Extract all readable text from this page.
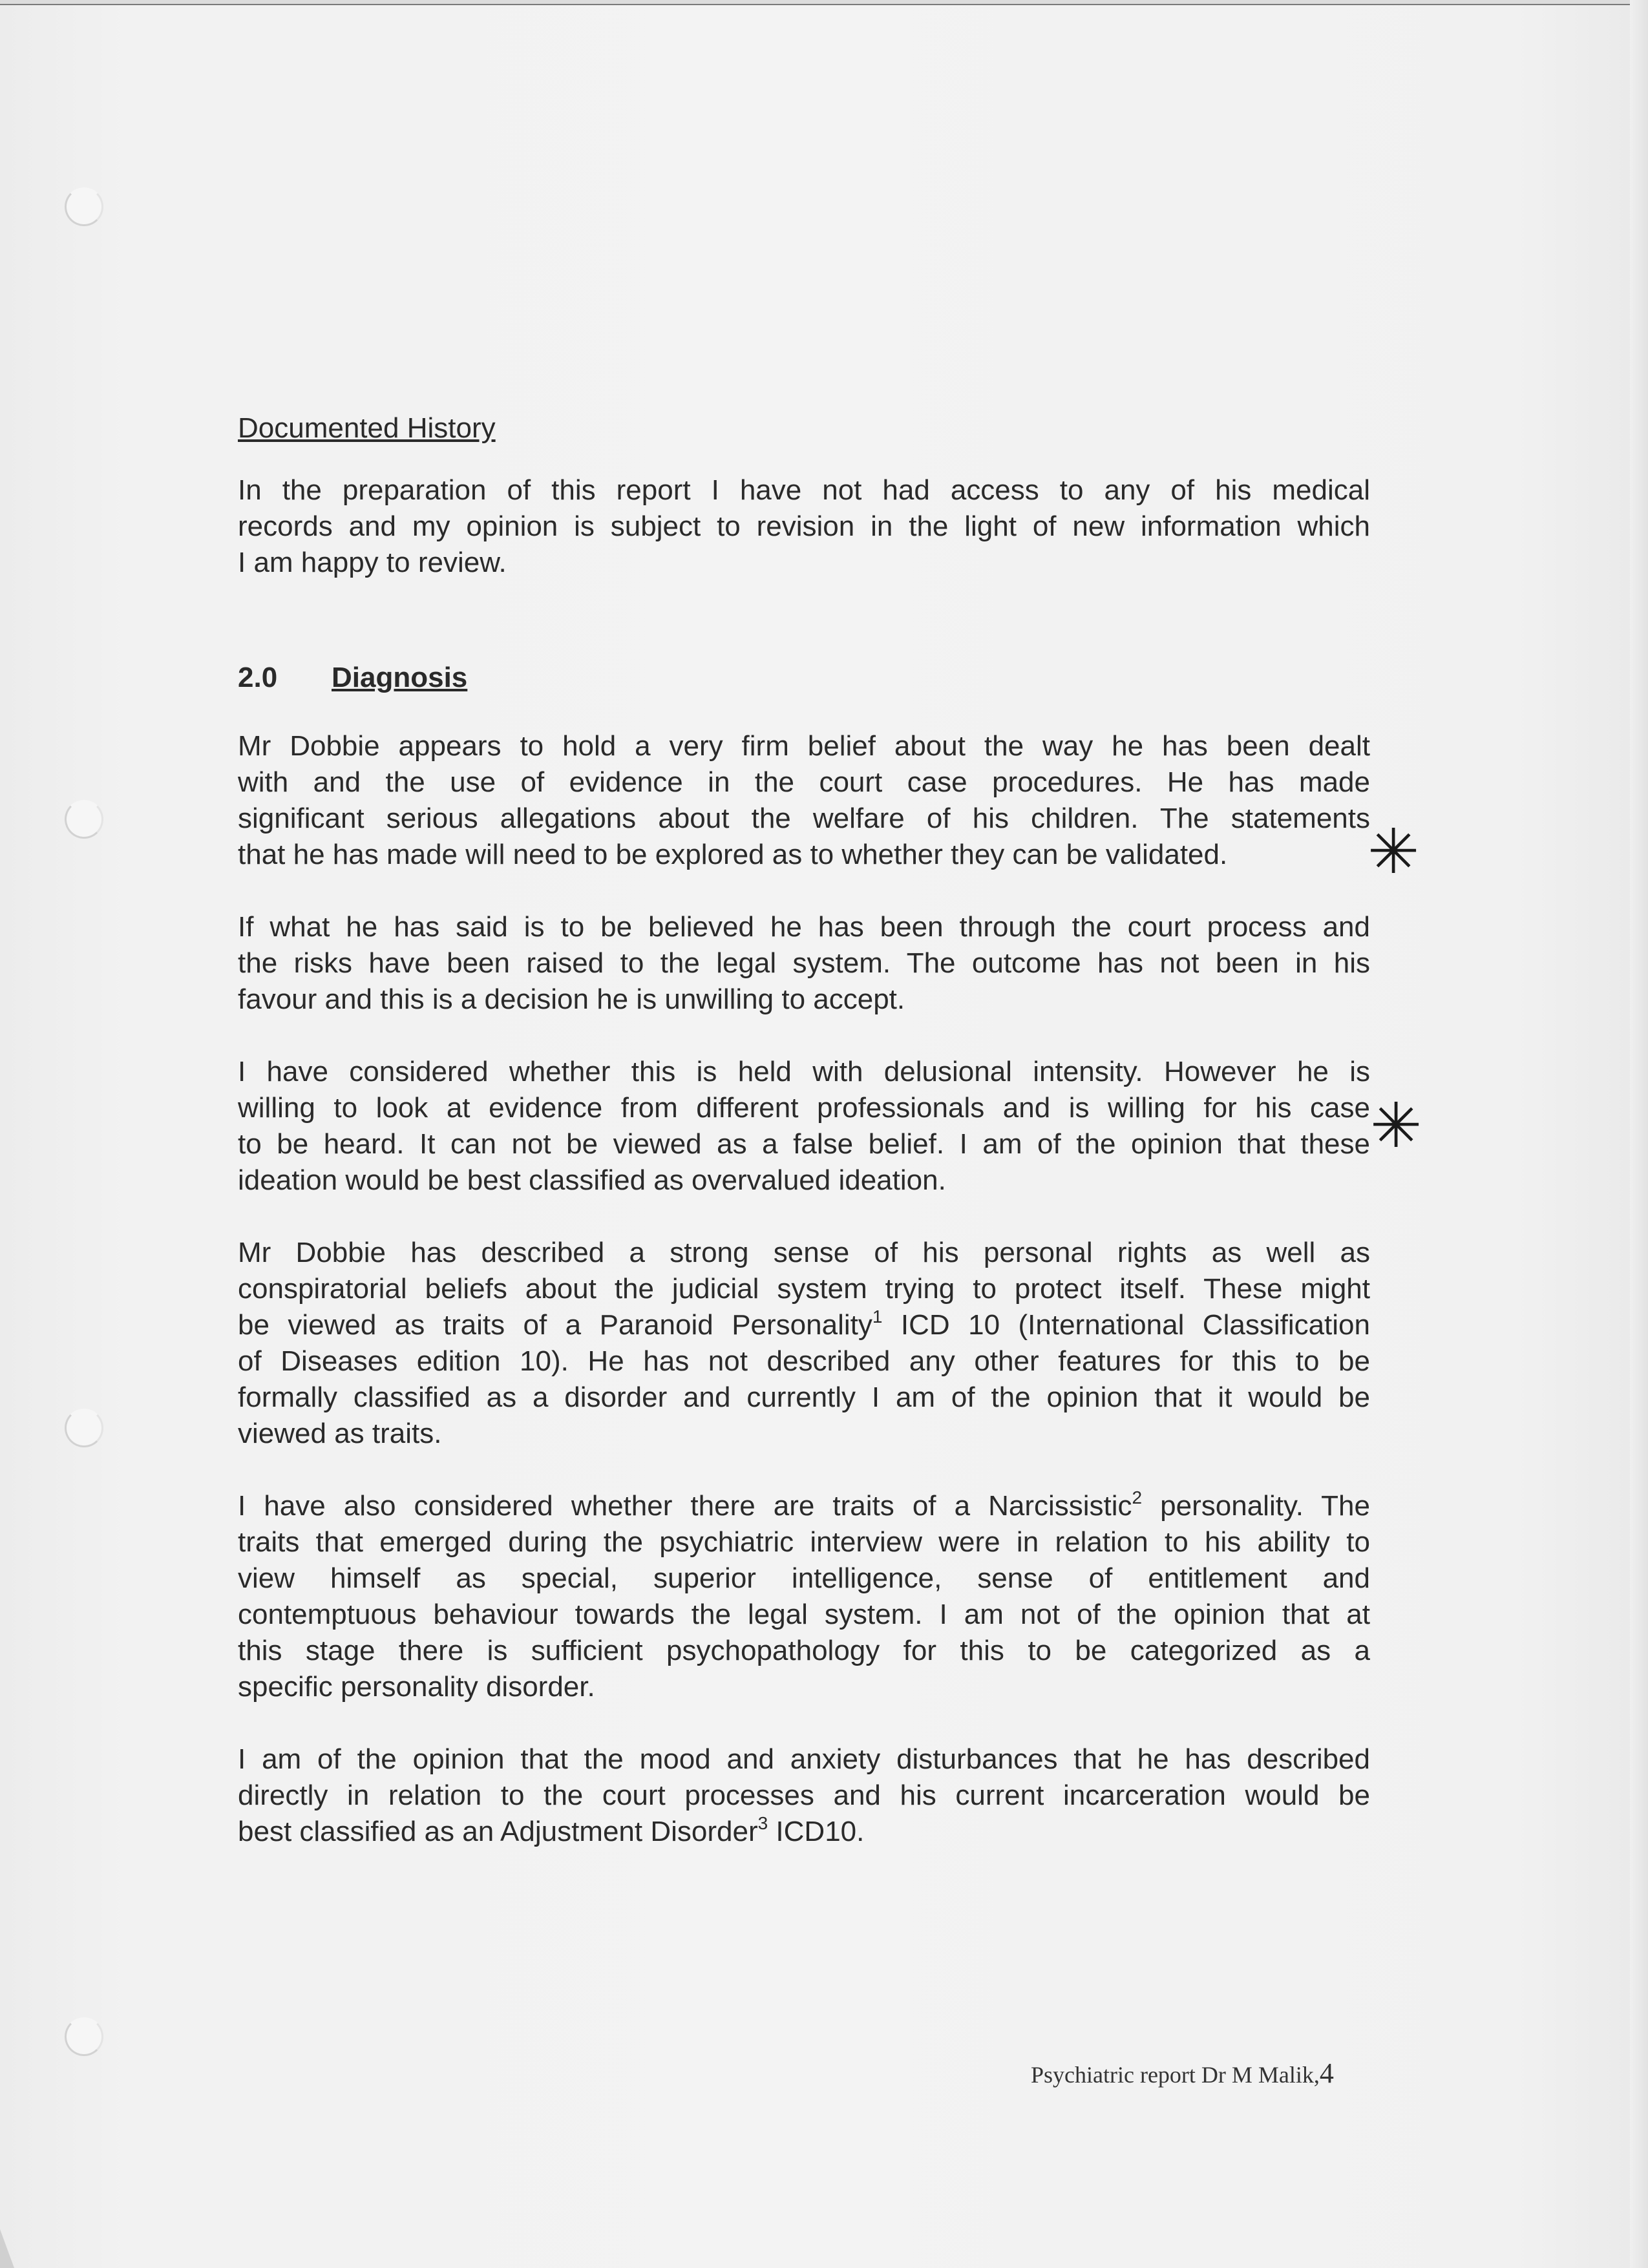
Documented History
In the preparation of this report I have not had access to any of his medical
records and my opinion is subject to revision in the light of new information which
I am happy to review.
2.0	Diagnosis
Mr Dobbie appears to hold a very firm belief about the way he has been dealt
with and the use of evidence in the court case procedures. He has made
significant serious allegations about the welfare of his children. The statements
that he has made will need to be explored as to whether they can be validated.
If what he has said is to be believed he has been through the court process and
the risks have been raised to the legal system. The outcome has not been in his
favour and this is a decision he is unwilling to accept.
I have considered whether this is held with delusional intensity. However he is
willing to look at evidence from different professionals and is willing for his case
to be heard. It can not be viewed as a false belief. I am of the opinion that these
ideation would be best classified as overvalued ideation.
Mr Dobbie has described a strong sense of his personal rights as well as
conspiratorial beliefs about the judicial system trying to protect itself. These might
be viewed as traits of a Paranoid Personality$^1$ ICD 10 (International Classification
of Diseases edition 10). He has not described any other features for this to be
formally classified as a disorder and currently I am of the opinion that it would be
viewed as traits.
I have also considered whether there are traits of a Narcissistic$^2$ personality. The
traits that emerged during the psychiatric interview were in relation to his ability to
view himself as special, superior intelligence, sense of entitlement and
contemptuous behaviour towards the legal system. I am not of the opinion that at
this stage there is sufficient psychopathology for this to be categorized as a
specific personality disorder.
I am of the opinion that the mood and anxiety disturbances that he has described
directly in relation to the court processes and his current incarceration would be
best classified as an Adjustment Disorder$^3$ ICD10.
✳
✳
Psychiatric report Dr M Malik,4
